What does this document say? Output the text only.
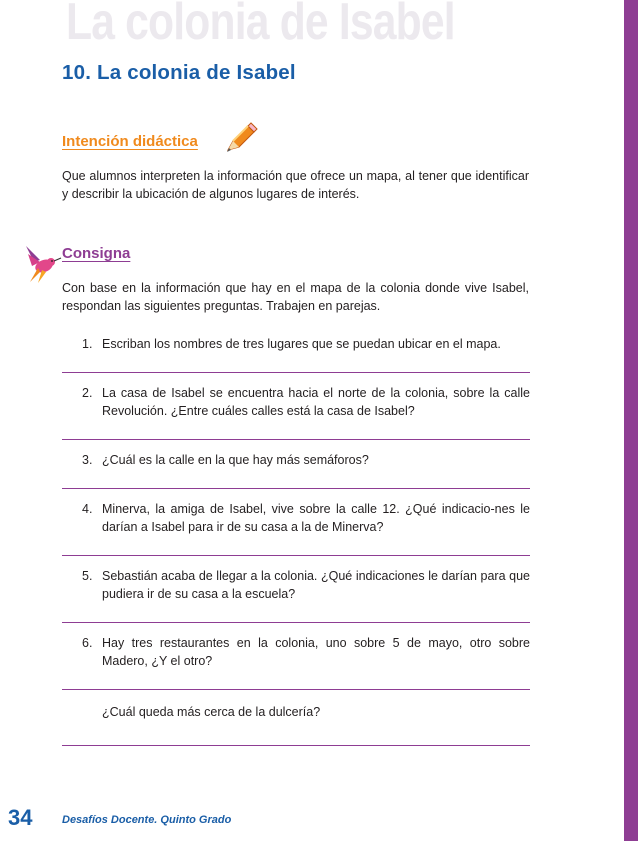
La colonia de Isabel
10. La colonia de Isabel
Intención didáctica
Que alumnos interpreten la información que ofrece un mapa, al tener que identificar y describir la ubicación de algunos lugares de interés.
Consigna
Con base en la información que hay en el mapa de la colonia donde vive Isabel, respondan las siguientes preguntas. Trabajen en parejas.
1. Escriban los nombres de tres lugares que se puedan ubicar en el mapa.
2. La casa de Isabel se encuentra hacia el norte de la colonia, sobre la calle Revolución. ¿Entre cuáles calles está la casa de Isabel?
3. ¿Cuál es la calle en la que hay más semáforos?
4. Minerva, la amiga de Isabel, vive sobre la calle 12. ¿Qué indicacio-nes le darían a Isabel para ir de su casa a la de Minerva?
5. Sebastián acaba de llegar a la colonia. ¿Qué indicaciones le darían para que pudiera ir de su casa a la escuela?
6. Hay tres restaurantes en la colonia, uno sobre 5 de mayo, otro sobre Madero, ¿Y el otro?
¿Cuál queda más cerca de la dulcería?
34	Desafíos Docente. Quinto Grado
